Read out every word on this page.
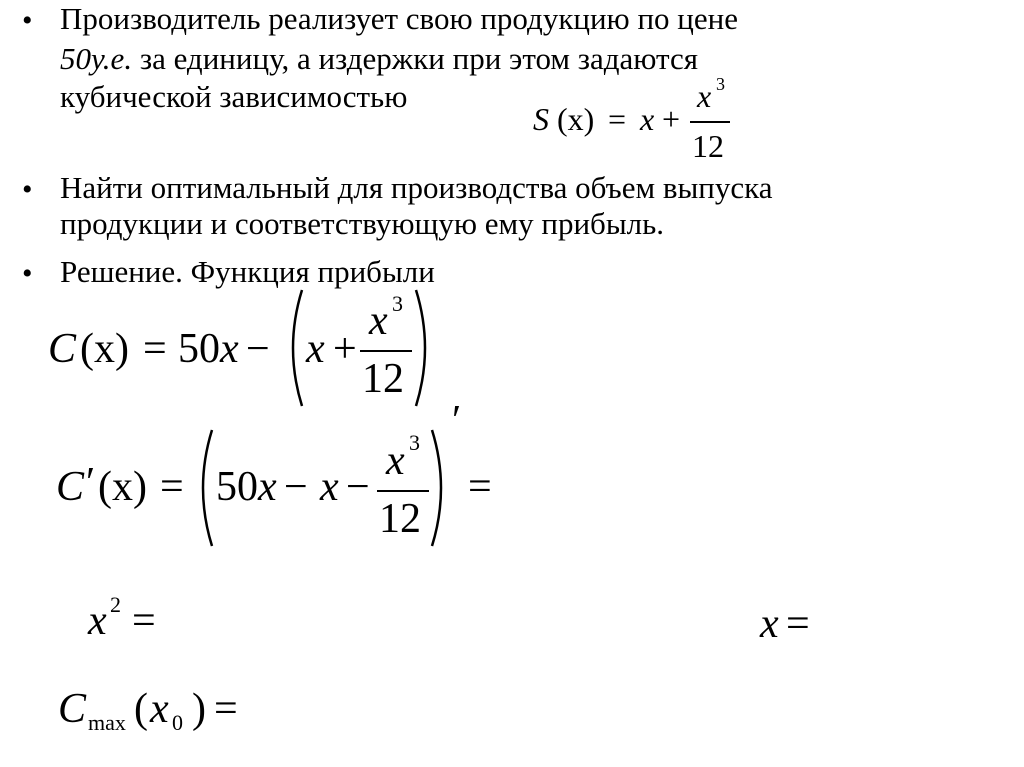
• Производитель реализует свою продукцию по цене
50у.е. за единицу, а издержки при этом задаются
кубической зависимостью
S (x) = x +
x 3
12
• Найти оптимальный для производства объем выпуска
продукции и соответствующую ему прибыль.
• Решение. Функция прибыли
C (x) = 50 x − x +
x 3
12
C ′ (x) = 50 x − x −
x 3
12
′
=
x 2 =	x =
C max ( x 0 ) =
